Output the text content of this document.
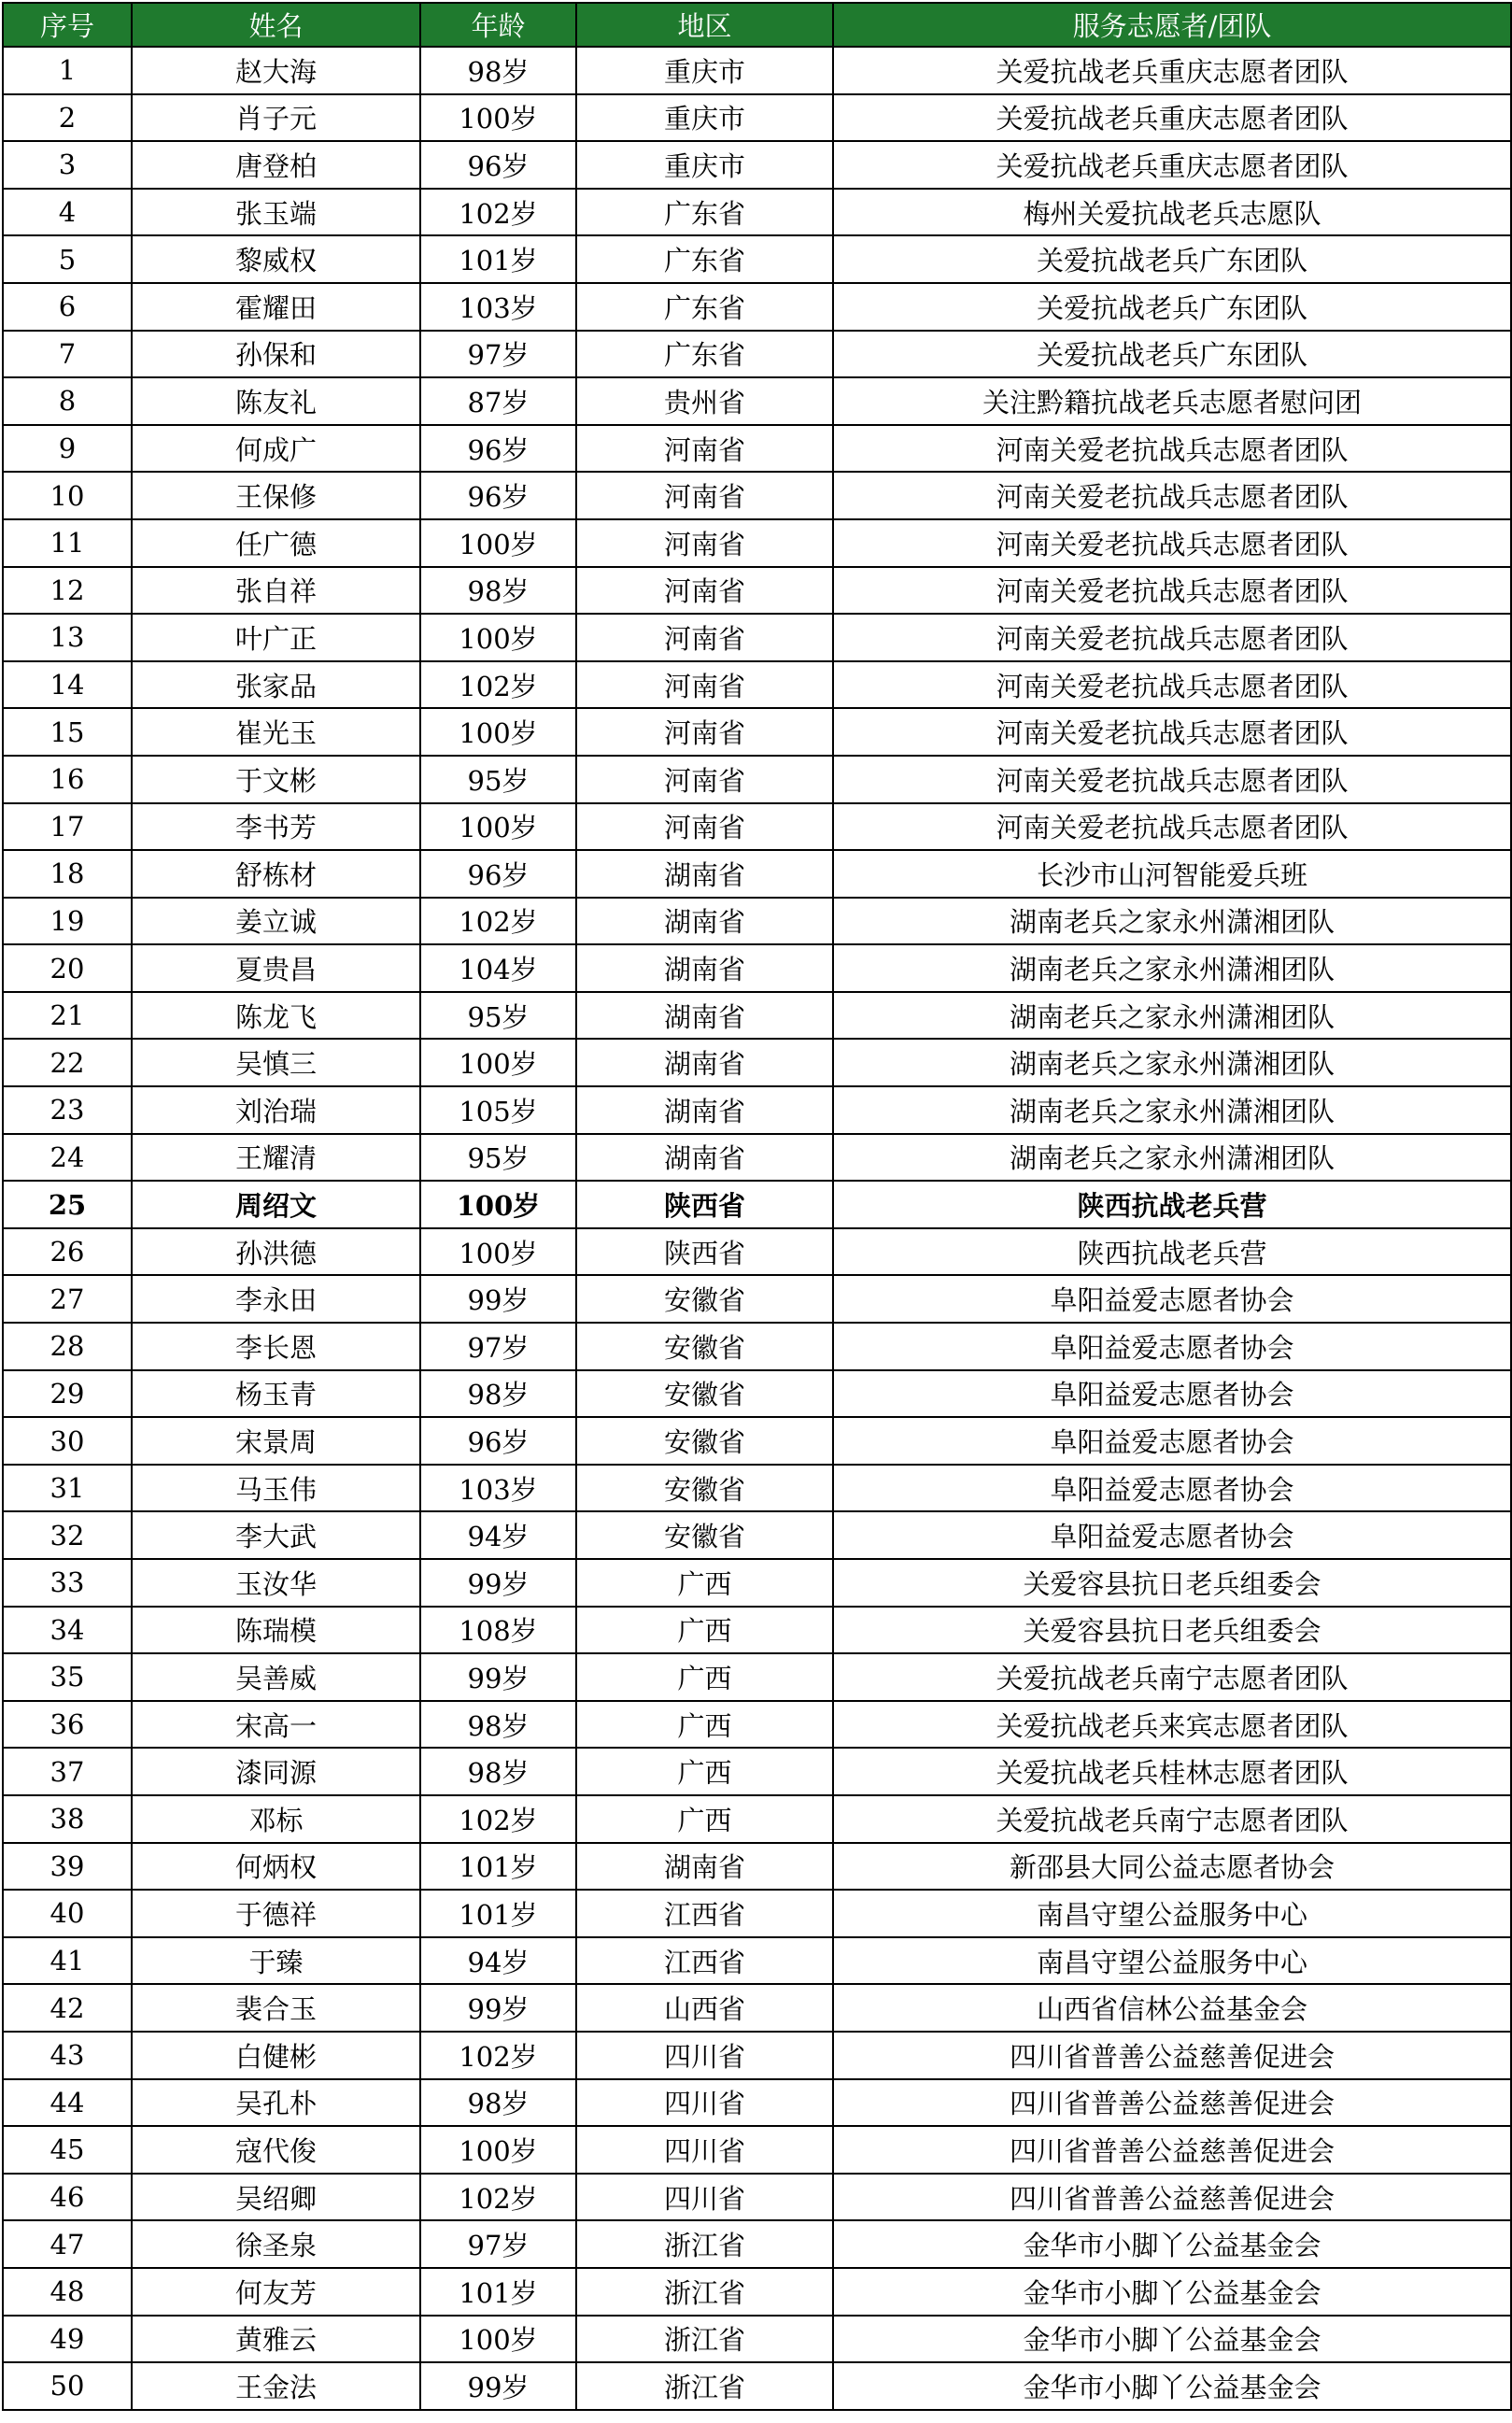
序号	姓名	年龄	地区	服务志愿者/团队
1	赵大海	98岁	重庆市	关爱抗战老兵重庆志愿者团队
2	肖子元	100岁	重庆市	关爱抗战老兵重庆志愿者团队
3	唐登柏	96岁	重庆市	关爱抗战老兵重庆志愿者团队
4	张玉端	102岁	广东省	梅州关爱抗战老兵志愿队
5	黎威权	101岁	广东省	关爱抗战老兵广东团队
6	霍耀田	103岁	广东省	关爱抗战老兵广东团队
7	孙保和	97岁	广东省	关爱抗战老兵广东团队
8	陈友礼	87岁	贵州省	关注黔籍抗战老兵志愿者慰问团
9	何成广	96岁	河南省	河南关爱老抗战兵志愿者团队
10	王保修	96岁	河南省	河南关爱老抗战兵志愿者团队
11	任广德	100岁	河南省	河南关爱老抗战兵志愿者团队
12	张自祥	98岁	河南省	河南关爱老抗战兵志愿者团队
13	叶广正	100岁	河南省	河南关爱老抗战兵志愿者团队
14	张家品	102岁	河南省	河南关爱老抗战兵志愿者团队
15	崔光玉	100岁	河南省	河南关爱老抗战兵志愿者团队
16	于文彬	95岁	河南省	河南关爱老抗战兵志愿者团队
17	李书芳	100岁	河南省	河南关爱老抗战兵志愿者团队
18	舒栋材	96岁	湖南省	长沙市山河智能爱兵班
19	姜立诚	102岁	湖南省	湖南老兵之家永州潇湘团队
20	夏贵昌	104岁	湖南省	湖南老兵之家永州潇湘团队
21	陈龙飞	95岁	湖南省	湖南老兵之家永州潇湘团队
22	吴慎三	100岁	湖南省	湖南老兵之家永州潇湘团队
23	刘治瑞	105岁	湖南省	湖南老兵之家永州潇湘团队
24	王耀清	95岁	湖南省	湖南老兵之家永州潇湘团队
25	周绍文	100岁	陕西省	陕西抗战老兵营
26	孙洪德	100岁	陕西省	陕西抗战老兵营
27	李永田	99岁	安徽省	阜阳益爱志愿者协会
28	李长恩	97岁	安徽省	阜阳益爱志愿者协会
29	杨玉青	98岁	安徽省	阜阳益爱志愿者协会
30	宋景周	96岁	安徽省	阜阳益爱志愿者协会
31	马玉伟	103岁	安徽省	阜阳益爱志愿者协会
32	李大武	94岁	安徽省	阜阳益爱志愿者协会
33	玉汝华	99岁	广西	关爱容县抗日老兵组委会
34	陈瑞模	108岁	广西	关爱容县抗日老兵组委会
35	吴善威	99岁	广西	关爱抗战老兵南宁志愿者团队
36	宋高一	98岁	广西	关爱抗战老兵来宾志愿者团队
37	漆同源	98岁	广西	关爱抗战老兵桂林志愿者团队
38	邓标	102岁	广西	关爱抗战老兵南宁志愿者团队
39	何炳权	101岁	湖南省	新邵县大同公益志愿者协会
40	于德祥	101岁	江西省	南昌守望公益服务中心
41	于臻	94岁	江西省	南昌守望公益服务中心
42	裴合玉	99岁	山西省	山西省信林公益基金会
43	白健彬	102岁	四川省	四川省普善公益慈善促进会
44	吴孔朴	98岁	四川省	四川省普善公益慈善促进会
45	寇代俊	100岁	四川省	四川省普善公益慈善促进会
46	吴绍卿	102岁	四川省	四川省普善公益慈善促进会
47	徐圣泉	97岁	浙江省	金华市小脚丫公益基金会
48	何友芳	101岁	浙江省	金华市小脚丫公益基金会
49	黄雅云	100岁	浙江省	金华市小脚丫公益基金会
50	王金法	99岁	浙江省	金华市小脚丫公益基金会
